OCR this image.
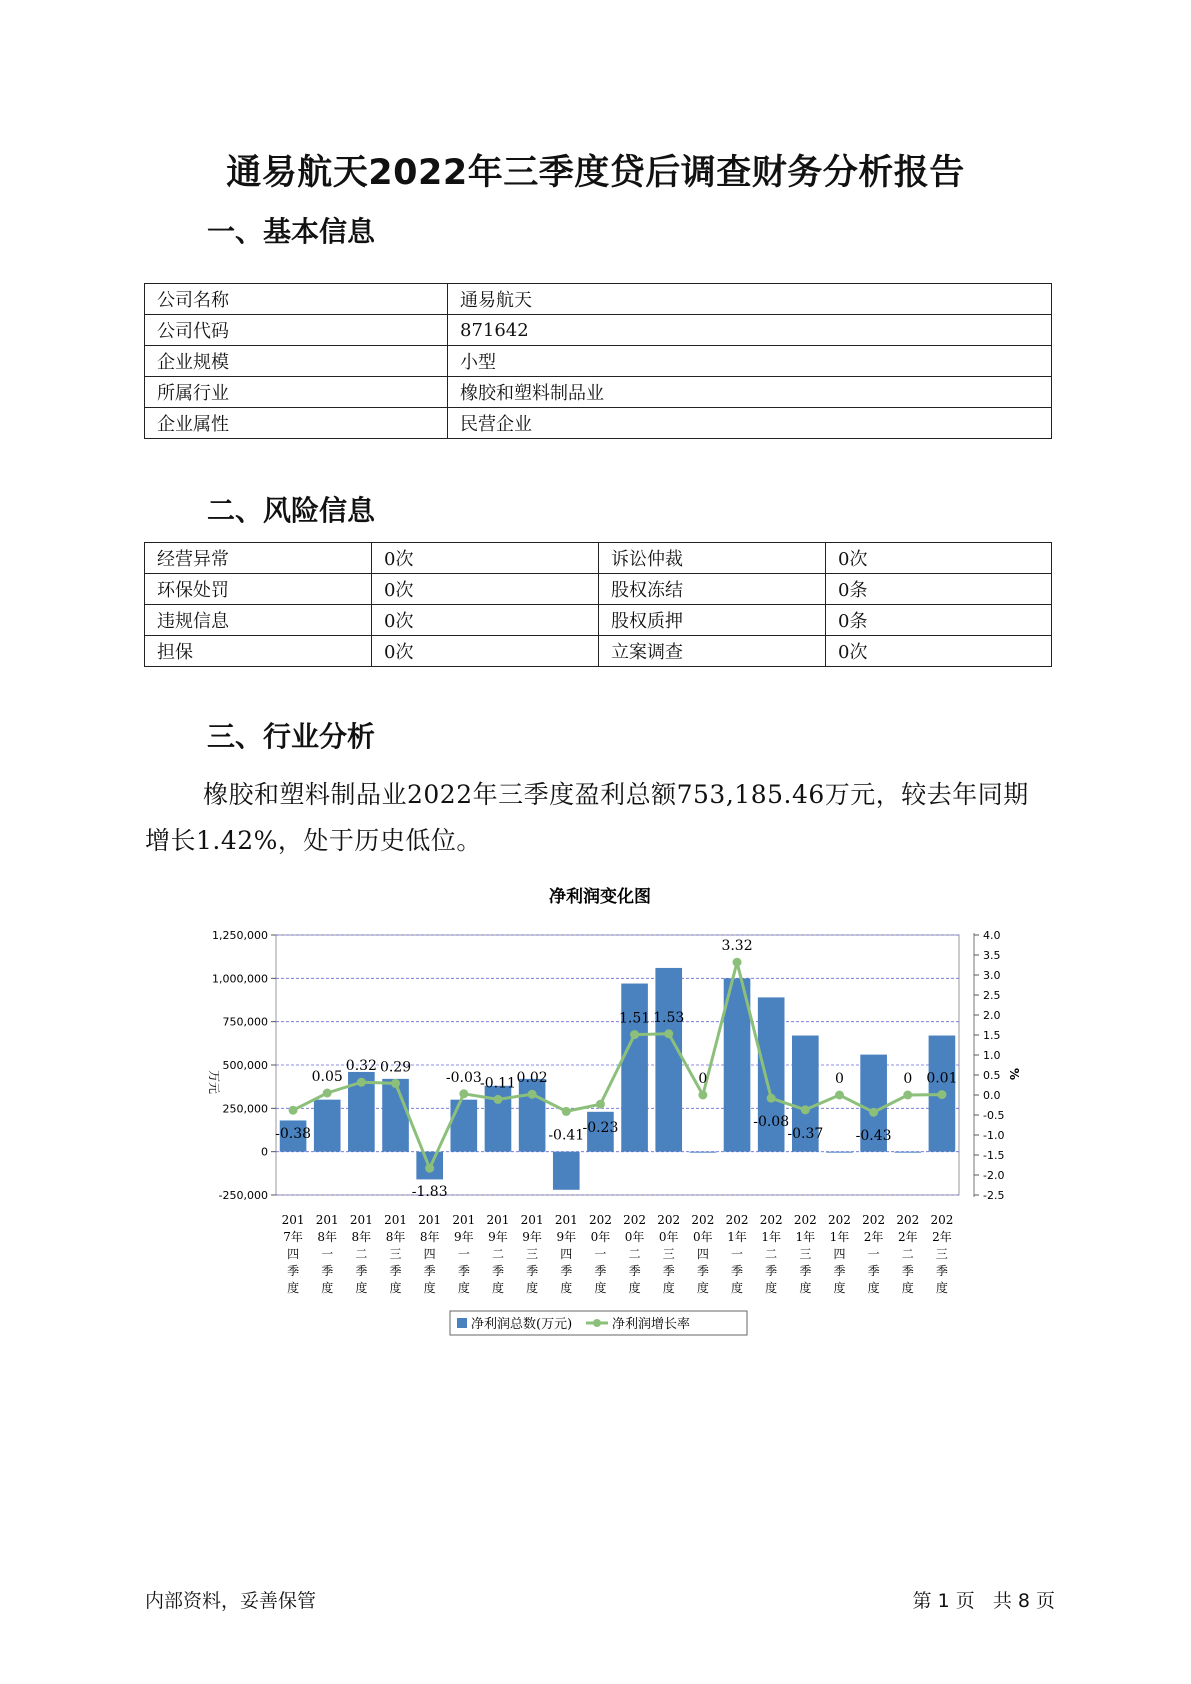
通易航天2022年三季度贷后调查财务分析报告
一、基本信息
公司名称	通易航天
公司代码	871642
企业规模	小型
所属行业	橡胶和塑料制品业
企业属性	民营企业
二、风险信息
经营异常	0次	诉讼仲裁	0次
环保处罚	0次	股权冻结	0条
违规信息	0次	股权质押	0条
担保	0次	立案调查	0次
三、行业分析
橡胶和塑料制品业2022年三季度盈利总额753,185.46万元，较去年同期增长1.42%，处于历史低位。
净利润变化图
1,250,000
1,000,000
750,000
500,000
250,000
0
-250,000
4.0
3.5
3.0
2.5
2.0
1.5
1.0
0.5
0.0
-0.5
-1.0
-1.5
-2.0
-2.5
万元	%
-0.38
0.05
0.32 0.29
-1.83
-0.03
-0.11 0.02
-0.41
-0.23
1.51 1.53
0
3.32
-0.08
-0.37
0
-0.43
0 0.01
201 7年四季度
201 8年一季度
201 8年二季度
201 8年三季度
201 8年四季度
201 9年一季度
201 9年二季度
201 9年三季度
201 9年四季度
202 0年一季度
202 0年二季度
202 0年三季度
202 0年四季度
202 1年一季度
202 1年二季度
202 1年三季度
202 1年四季度
202 2年一季度
202 2年二季度
202 2年三季度
净利润总数(万元)	净利润增长率
内部资料，妥善保管	第 1 页   共 8 页
